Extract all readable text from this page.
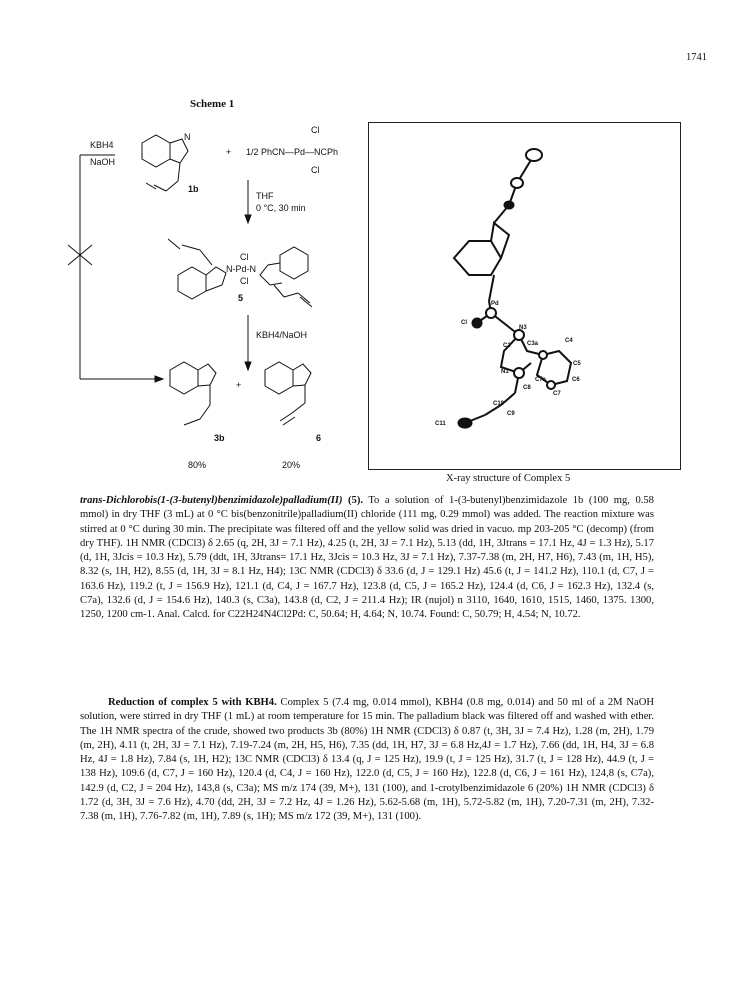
1741
Scheme 1
KBH4
NaOH
+ 1/2 PhCN—Pd—NCPh
Cl
Cl
N
1b
THF
0 °C, 30 min
Cl
N-Pd-N
Cl
5
KBH4/NaOH
+
3b	6
80%	20%
Pd
Cl
N3
C3a	C4
C2
C5
N1
C7a	C6
C8
C7
C10
C9
C11
X-ray structure of Complex 5
trans-Dichlorobis(1-(3-butenyl)benzimidazole)palladium(II) (5). To a solution of 1-(3-butenyl)benzimidazole 1b (100 mg, 0.58 mmol) in dry THF (3 mL) at 0 °C bis(benzonitrile)palladium(II) chloride (111 mg, 0.29 mmol) was added. The reaction mixture was stirred at 0 °C during 30 min. The precipitate was filtered off and the yellow solid was dried in vacuo. mp 203-205 °C (decomp) (from dry THF). 1H NMR (CDCl3) δ 2.65 (q, 2H, 3J = 7.1 Hz), 4.25 (t, 2H, 3J = 7.1 Hz), 5.13 (dd, 1H, 3Jtrans = 17.1 Hz, 4J = 1.3 Hz), 5.17 (d, 1H, 3Jcis = 10.3 Hz), 5.79 (ddt, 1H, 3Jtrans= 17.1 Hz, 3Jcis = 10.3 Hz, 3J = 7.1 Hz), 7.37-7.38 (m, 2H, H7, H6), 7.43 (m, 1H, H5), 8.32 (s, 1H, H2), 8.55 (d, 1H, 3J = 8.1 Hz, H4); 13C NMR (CDCl3) δ 33.6 (d, J = 129.1 Hz) 45.6 (t, J = 141.2 Hz), 110.1 (d, C7, J = 163.6 Hz), 119.2 (t, J = 156.9 Hz), 121.1 (d, C4, J = 167.7 Hz), 123.8 (d, C5, J = 165.2 Hz), 124.4 (d, C6, J = 162.3 Hz), 132.4 (s, C7a), 132.6 (d, J = 154.6 Hz), 140.3 (s, C3a), 143.8 (d, C2, J = 211.4 Hz); IR (nujol) n 3110, 1640, 1610, 1515, 1460, 1375. 1300, 1250, 1200 cm-1. Anal. Calcd. for C22H24N4Cl2Pd: C, 50.64; H, 4.64; N, 10.74. Found: C, 50.79; H, 4.54; N, 10.72.
Reduction of complex 5 with KBH4. Complex 5 (7.4 mg, 0.014 mmol), KBH4 (0.8 mg, 0.014) and 50 ml of a 2M NaOH solution, were stirred in dry THF (1 mL) at room temperature for 15 min. The palladium black was filtered off and washed with ether. The 1H NMR spectra of the crude, showed two products 3b (80%) 1H NMR (CDCl3) δ 0.87 (t, 3H, 3J = 7.4 Hz), 1.28 (m, 2H), 1.79 (m, 2H), 4.11 (t, 2H, 3J = 7.1 Hz), 7.19-7.24 (m, 2H, H5, H6), 7.35 (dd, 1H, H7, 3J = 6.8 Hz,4J = 1.7 Hz), 7.66 (dd, 1H, H4, 3J = 6.8 Hz, 4J = 1.8 Hz), 7.84 (s, 1H, H2); 13C NMR (CDCl3) δ 13.4 (q, J = 125 Hz), 19.9 (t, J = 125 Hz), 31.7 (t, J = 128 Hz), 44.9 (t, J = 138 Hz), 109.6 (d, C7, J = 160 Hz), 120.4 (d, C4, J = 160 Hz), 122.0 (d, C5, J = 160 Hz), 122.8 (d, C6, J = 161 Hz), 124,8 (s, C7a), 142.9 (d, C2, J = 204 Hz), 143,8 (s, C3a); MS m/z 174 (39, M+), 131 (100), and 1-crotylbenzimidazole 6 (20%) 1H NMR (CDCl3) δ 1.72 (d, 3H, 3J = 7.6 Hz), 4.70 (dd, 2H, 3J = 7.2 Hz, 4J = 1.26 Hz), 5.62-5.68 (m, 1H), 5.72-5.82 (m, 1H), 7.20-7.31 (m, 2H), 7.32-7.38 (m, 1H), 7.76-7.82 (m, 1H), 7.89 (s, 1H); MS m/z 172 (39, M+), 131 (100).
